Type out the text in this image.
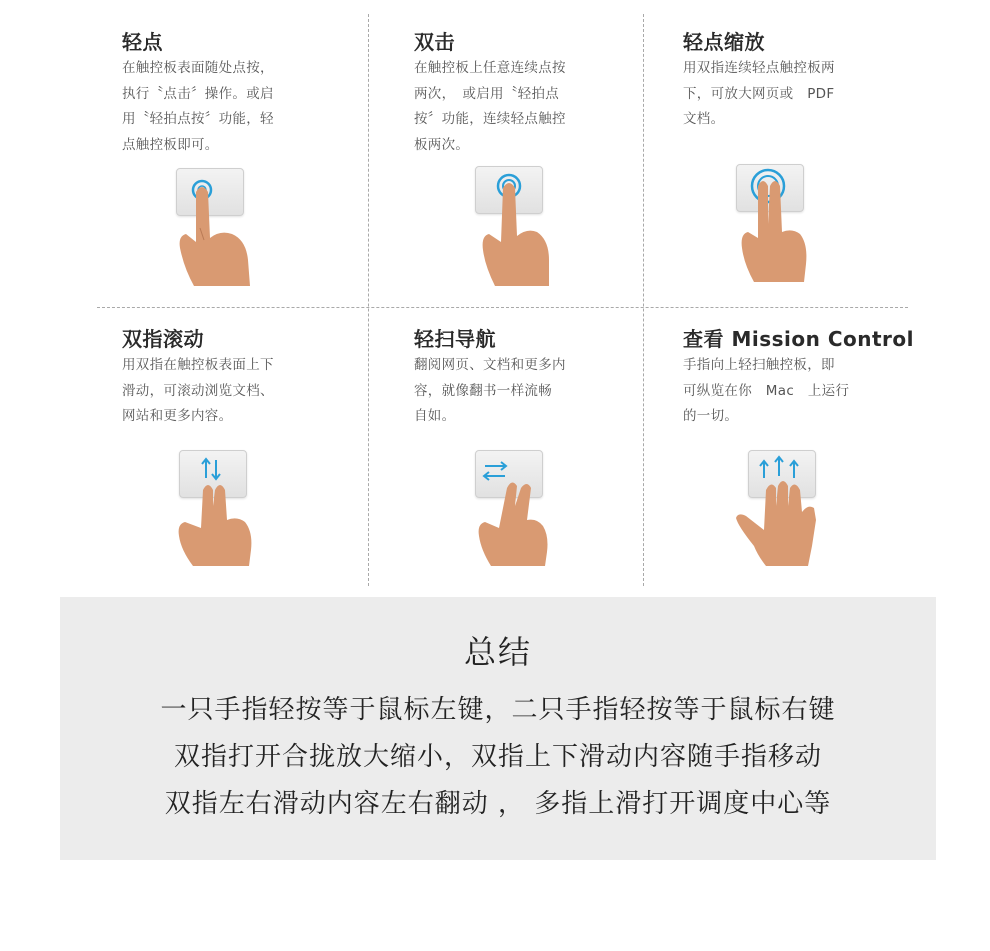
轻点
在触控板表面随处点按，
执行〝点击〞操作。或启
用〝轻拍点按〞功能，轻
点触控板即可。
双击
在触控板上任意连续点按
两次，　或启用〝轻拍点
按〞功能，连续轻点触控
板两次。
轻点缩放
用双指连续轻点触控板两
下，可放大网页或　PDF
文档。
双指滚动
用双指在触控板表面上下
滑动，可滚动浏览文档、
网站和更多内容。
轻扫导航
翻阅网页、文档和更多内
容，就像翻书一样流畅
自如。
查看 Mission Control
手指向上轻扫触控板，即
可纵览在你　Mac　上运行
的一切。
总结
一只手指轻按等于鼠标左键，二只手指轻按等于鼠标右键
双指打开合拢放大缩小，双指上下滑动内容随手指移动
双指左右滑动内容左右翻动 ， 多指上滑打开调度中心等
